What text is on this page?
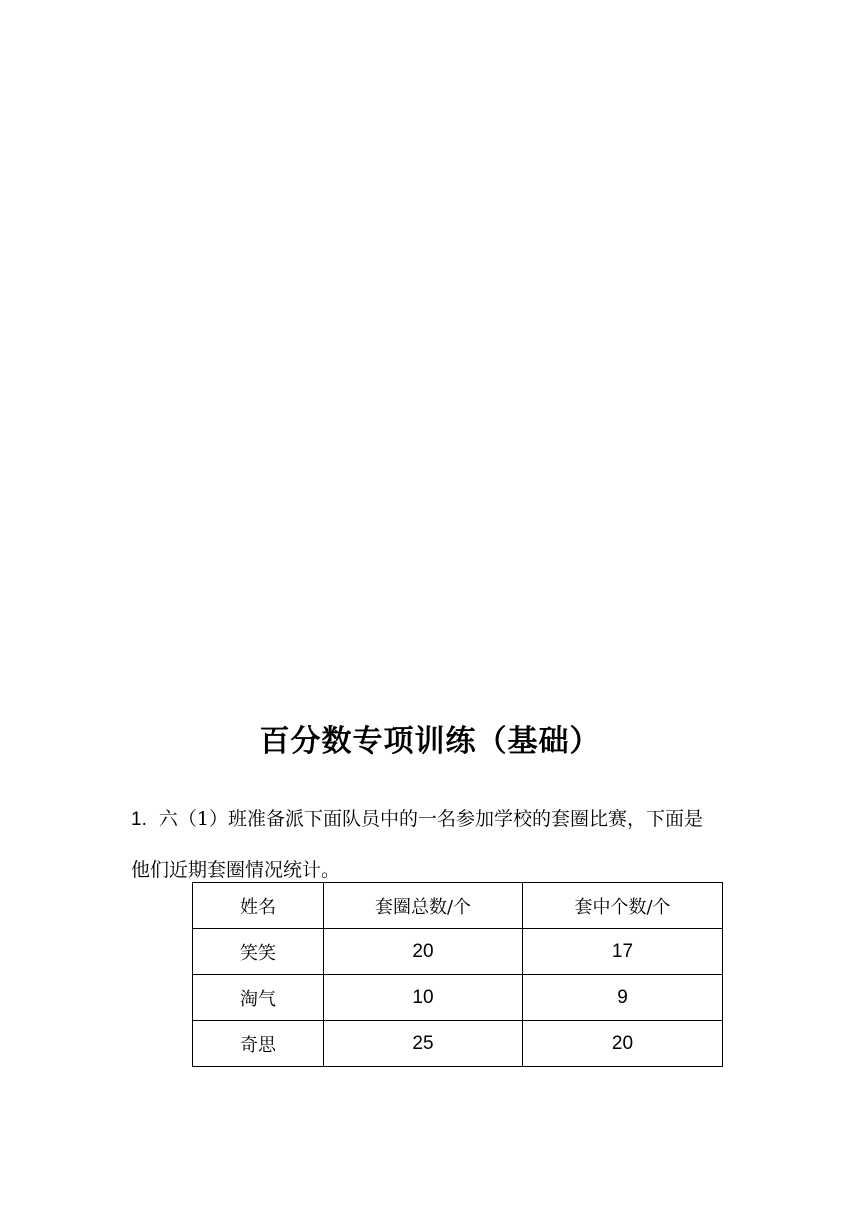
百分数专项训练（基础）
1. 六（1）班准备派下面队员中的一名参加学校的套圈比赛，下面是
他们近期套圈情况统计。
姓名	套圈总数/个	套中个数/个
笑笑	20	17
淘气	10	9
奇思	25	20
